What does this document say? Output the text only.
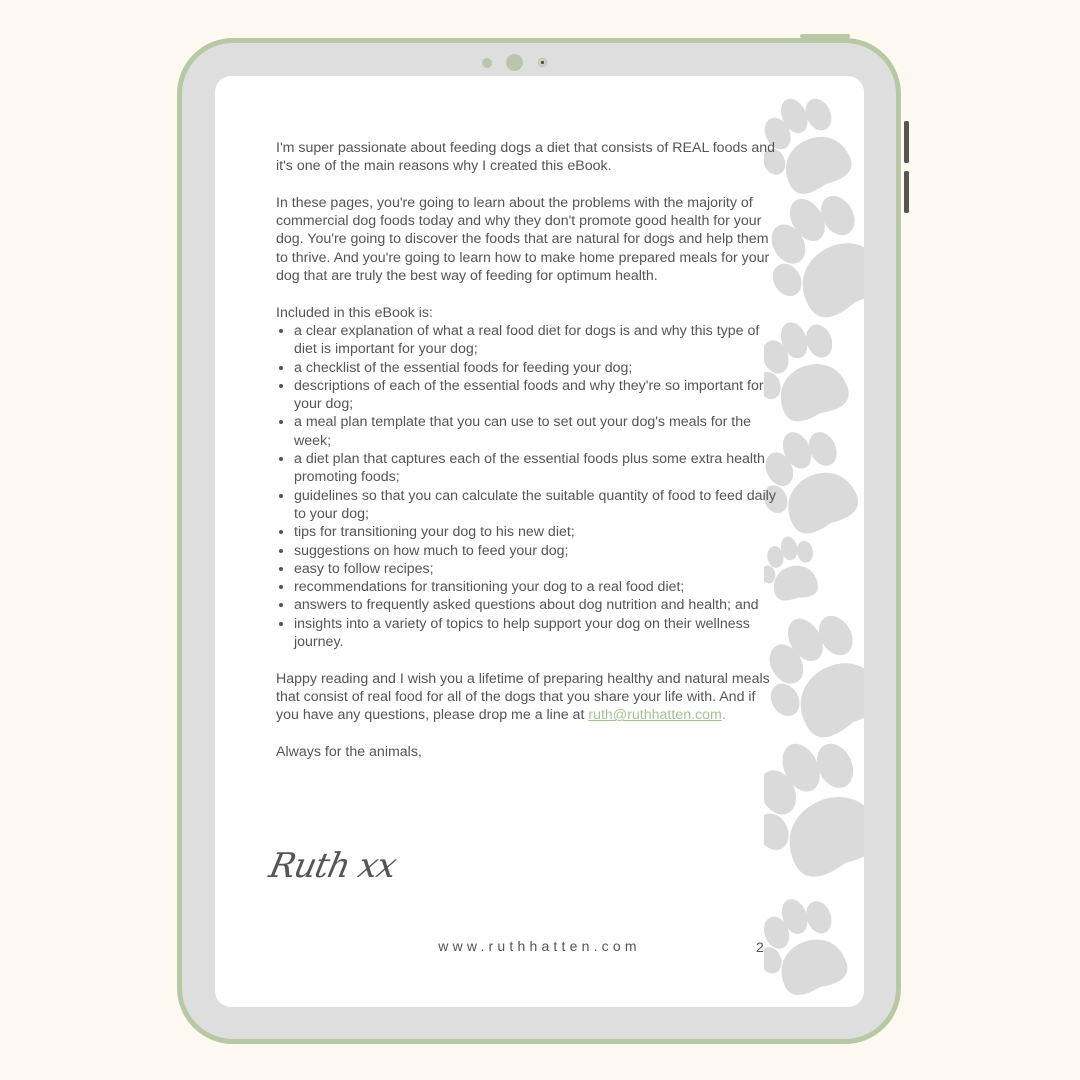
I'm super passionate about feeding dogs a diet that consists of REAL foods and it's one of the main reasons why I created this eBook.

In these pages, you're going to learn about the problems with the majority of commercial dog foods today and why they don't promote good health for your dog. You're going to discover the foods that are natural for dogs and help them to thrive. And you're going to learn how to make home prepared meals for your dog that are truly the best way of feeding for optimum health.

Included in this eBook is:
• a clear explanation of what a real food diet for dogs is and why this type of diet is important for your dog;
• a checklist of the essential foods for feeding your dog;
• descriptions of each of the essential foods and why they're so important for your dog;
• a meal plan template that you can use to set out your dog's meals for the week;
• a diet plan that captures each of the essential foods plus some extra health promoting foods;
• guidelines so that you can calculate the suitable quantity of food to feed daily to your dog;
• tips for transitioning your dog to his new diet;
• suggestions on how much to feed your dog;
• easy to follow recipes;
• recommendations for transitioning your dog to a real food diet;
• answers to frequently asked questions about dog nutrition and health; and
• insights into a variety of topics to help support your dog on their wellness journey.

Happy reading and I wish you a lifetime of preparing healthy and natural meals that consist of real food for all of the dogs that you share your life with. And if you have any questions, please drop me a line at ruth@ruthhatten.com.

Always for the animals,

Ruth xx
www.ruthhatten.com	2
